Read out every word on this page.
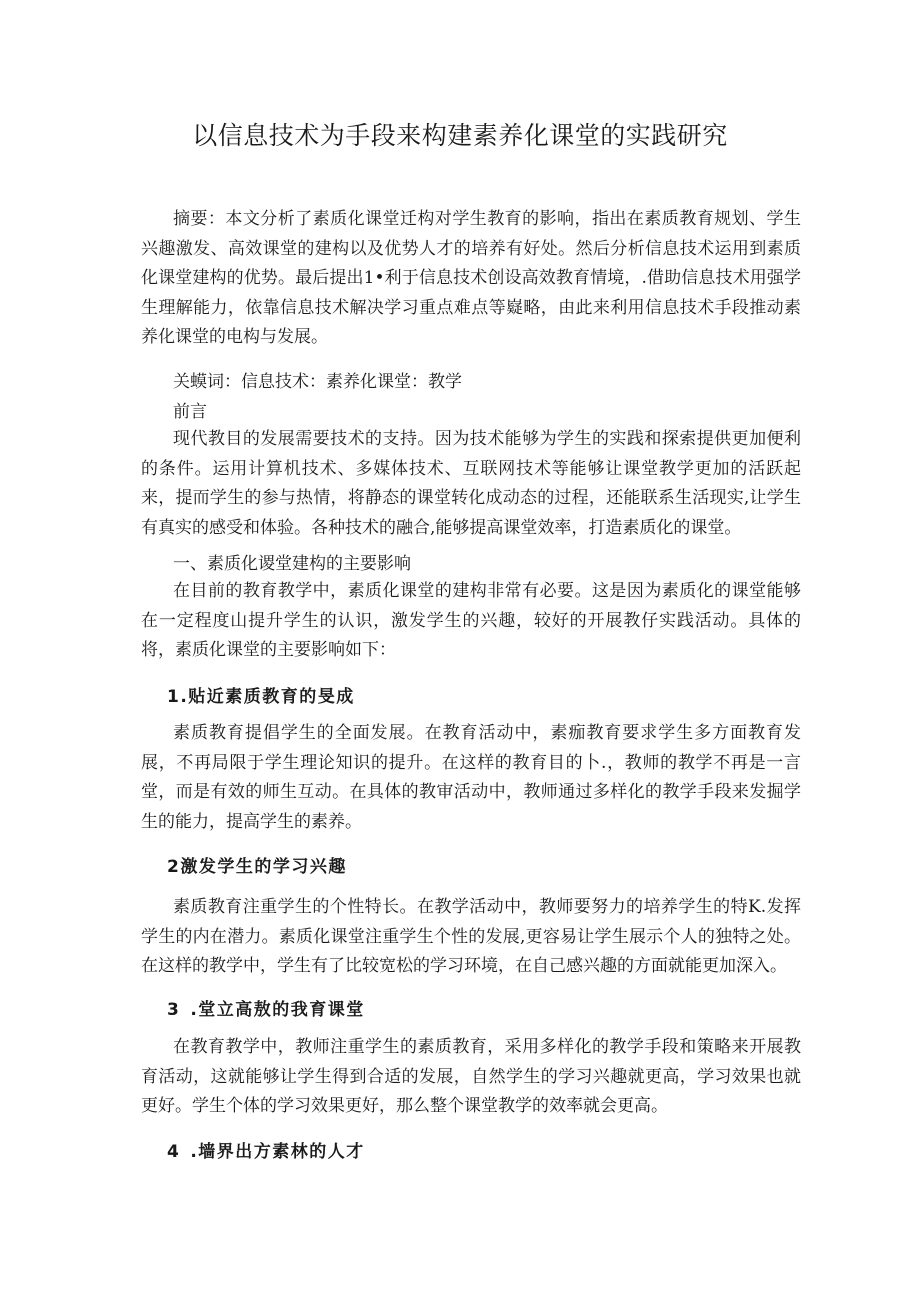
以信息技术为手段来构建素养化课堂的实践研究
摘要：本文分析了素质化课堂迁构对学生教育的影响，指出在素质教育规划、学生兴趣激发、高效课堂的建构以及优势人才的培养有好处。然后分析信息技术运用到素质化课堂建构的优势。最后提出1•利于信息技术创设高效教育情境，.借助信息技术用强学生理解能力，依靠信息技术解决学习重点难点等嶷略，由此来利用信息技术手段推动素养化课堂的电构与发展。
关蟆词：信息技术：素养化课堂：教学
前言
现代教目的发展需要技术的支持。因为技术能够为学生的实践和探索提供更加便利的条件。运用计算机技术、多媒体技术、互联网技术等能够让课堂教学更加的活跃起来，提而学生的参与热情，将静态的课堂转化成动态的过程，还能联系生活现实,让学生有真实的感受和体验。各种技术的融合,能够提高课堂效率，打造素质化的课堂。
一、素质化谡堂建构的主要影响
在目前的教育教学中，素质化课堂的建构非常有必要。这是因为素质化的课堂能够在一定程度山提升学生的认识，激发学生的兴趣，较好的开展教仔实践活动。具体的将，素质化课堂的主要影响如下：
1.贴近素质教育的旻成
素质教育提倡学生的全面发展。在教育活动中，素痂教育要求学生多方面教育发展，不再局限于学生理论知识的提升。在这样的教育目的卜.，教师的教学不再是一言堂，而是有效的师生互动。在具体的教审活动中，教师通过多样化的教学手段来发掘学生的能力，提高学生的素养。
2激发学生的学习兴趣
素质教育注重学生的个性特长。在教学活动中，教师要努力的培养学生的特K.发挥学生的内在潜力。素质化课堂注重学生个性的发展,更容易让学生展示个人的独特之处。在这样的教学中，学生有了比较宽松的学习环境，在自己感兴趣的方面就能更加深入。
3 .堂立高敖的我育课堂
在教育教学中，教师注重学生的素质教育，采用多样化的教学手段和策略来开展教育活动，这就能够让学生得到合适的发展，自然学生的学习兴趣就更高，学习效果也就更好。学生个体的学习效果更好，那么整个课堂教学的效率就会更高。
4 .墙界出方素林的人才
